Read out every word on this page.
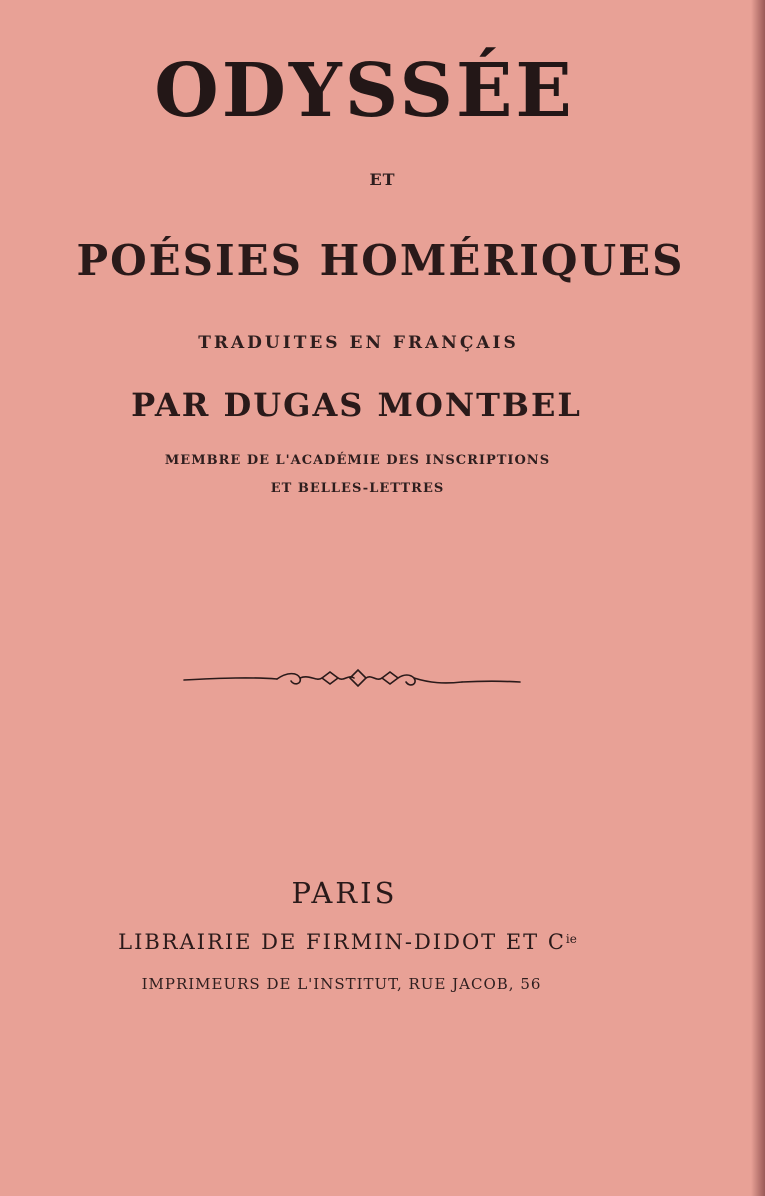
ODYSSÉE
ET
POÉSIES HOMÉRIQUES
TRADUITES EN FRANÇAIS
PAR DUGAS MONTBEL
MEMBRE DE L'ACADÉMIE DES INSCRIPTIONS
ET BELLES-LETTRES
PARIS
LIBRAIRIE DE FIRMIN-DIDOT ET $C^{ie}$
IMPRIMEURS DE L'INSTITUT, RUE JACOB, 56
